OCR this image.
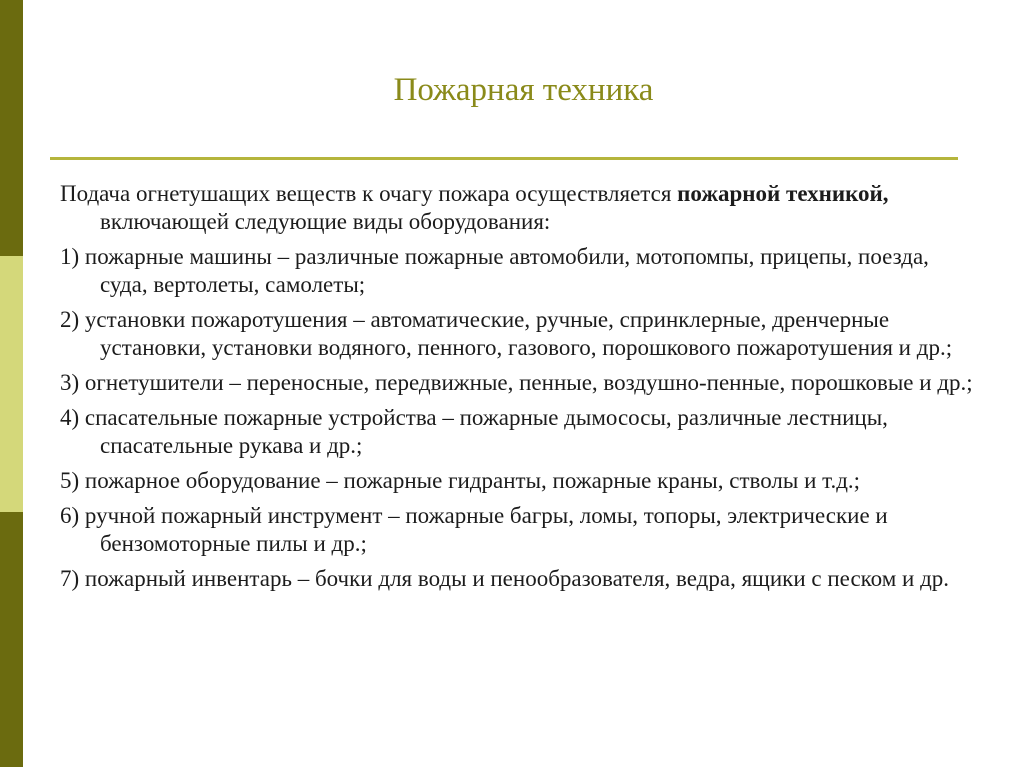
Пожарная техника

Подача огнетушащих веществ к очагу пожара осуществляется пожарной техникой, включающей следующие виды оборудования:

1) пожарные машины – различные пожарные автомобили, мотопомпы, прицепы, поезда, суда, вертолеты, самолеты;

2) установки пожаротушения – автоматические, ручные, спринклерные, дренчерные установки, установки водяного, пенного, газового, порошкового пожаротушения и др.;

3) огнетушители – переносные, передвижные, пенные, воздушно-пенные, порошковые и др.;

4) спасательные пожарные устройства – пожарные дымососы, различные лестницы, спасательные рукава и др.;

5) пожарное оборудование – пожарные гидранты, пожарные краны, стволы и т.д.;

6) ручной пожарный инструмент – пожарные багры, ломы, топоры, электрические и бензомоторные пилы и др.;

7) пожарный инвентарь – бочки для воды и пенообразователя, ведра, ящики с песком и др.
